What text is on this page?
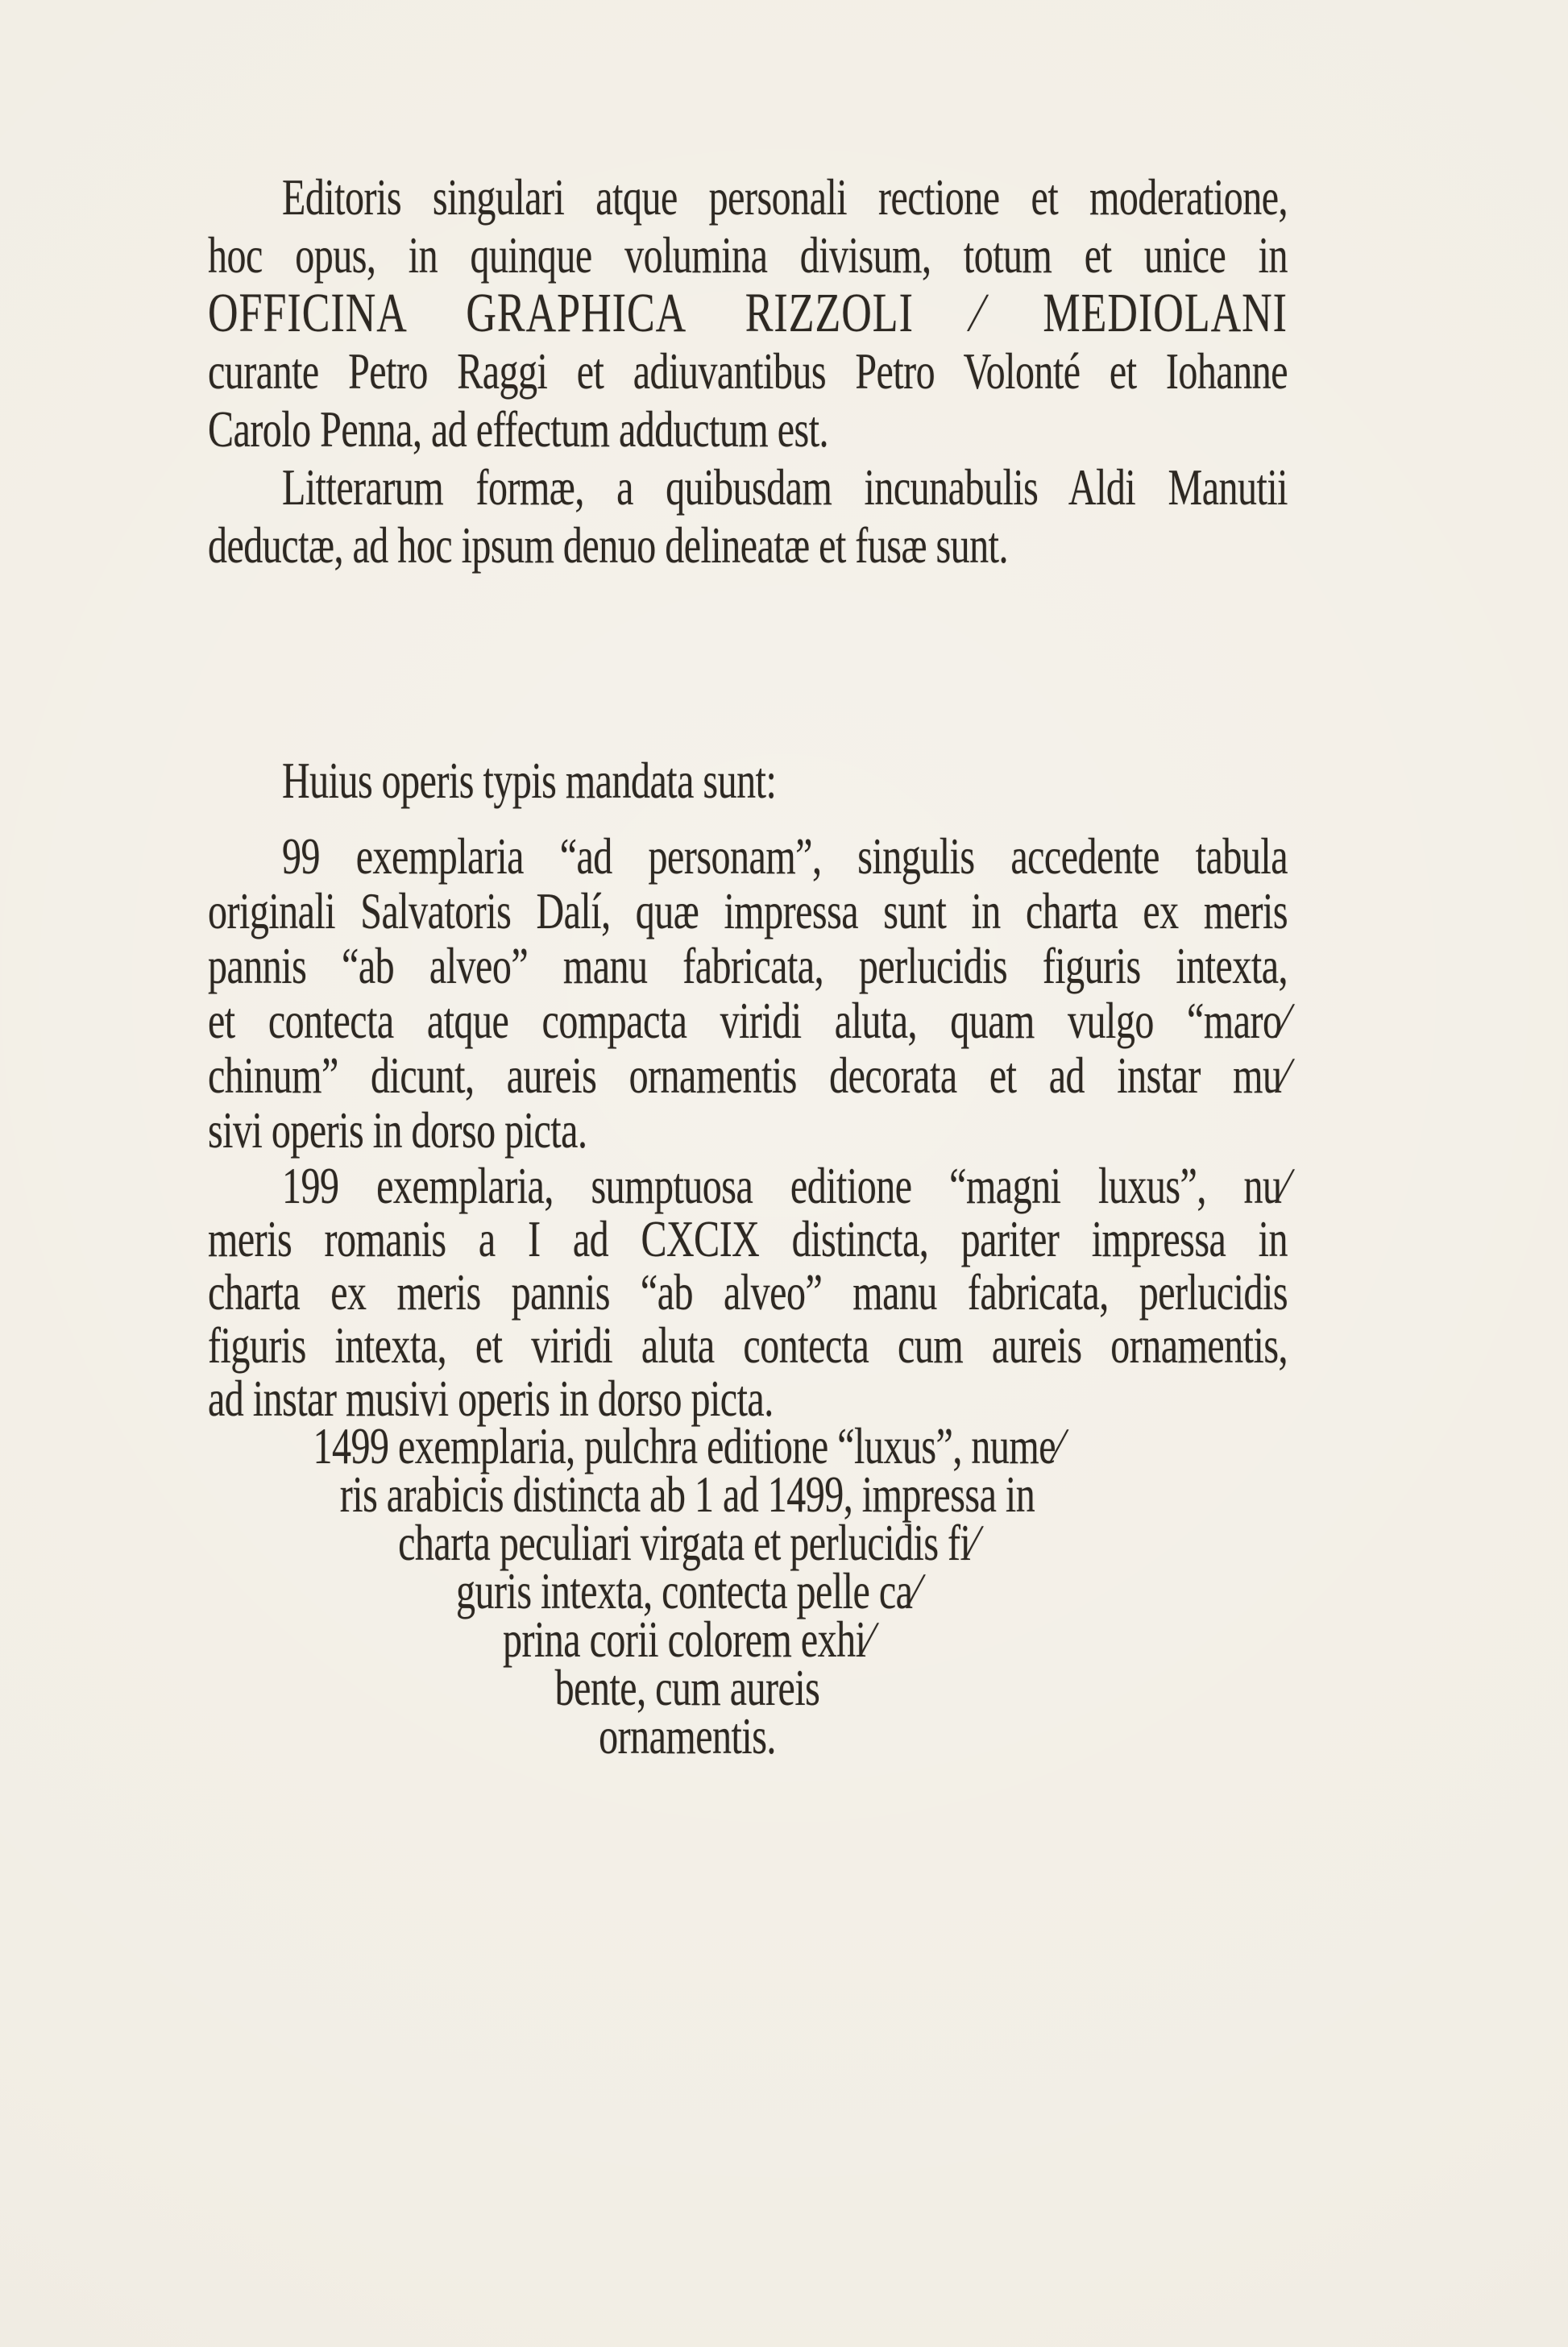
Editoris singulari atque personali rectione et moderatione,
hoc opus, in quinque volumina divisum, totum et unice in
OFFICINA GRAPHICA RIZZOLI ⁄ MEDIOLANI
curante Petro Raggi et adiuvantibus Petro Volonté et Iohanne
Carolo Penna, ad effectum adductum est.
Litterarum formæ, a quibusdam incunabulis Aldi Manutii
deductæ, ad hoc ipsum denuo delineatæ et fusæ sunt.
Huius operis typis mandata sunt:
99 exemplaria “ad personam”, singulis accedente tabula
originali Salvatoris Dalí, quæ impressa sunt in charta ex meris
pannis “ab alveo” manu fabricata, perlucidis figuris intexta,
et contecta atque compacta viridi aluta, quam vulgo “maro⁄
chinum” dicunt, aureis ornamentis decorata et ad instar mu⁄
sivi operis in dorso picta.
199 exemplaria, sumptuosa editione “magni luxus”, nu⁄
meris romanis a I ad CXCIX distincta, pariter impressa in
charta ex meris pannis “ab alveo” manu fabricata, perlucidis
figuris intexta, et viridi aluta contecta cum aureis ornamentis,
ad instar musivi operis in dorso picta.
1499 exemplaria, pulchra editione “luxus”, nume⁄
ris arabicis distincta ab 1 ad 1499, impressa in
charta peculiari virgata et perlucidis fi⁄
guris intexta, contecta pelle ca⁄
prina corii colorem exhi⁄
bente, cum aureis
ornamentis.
